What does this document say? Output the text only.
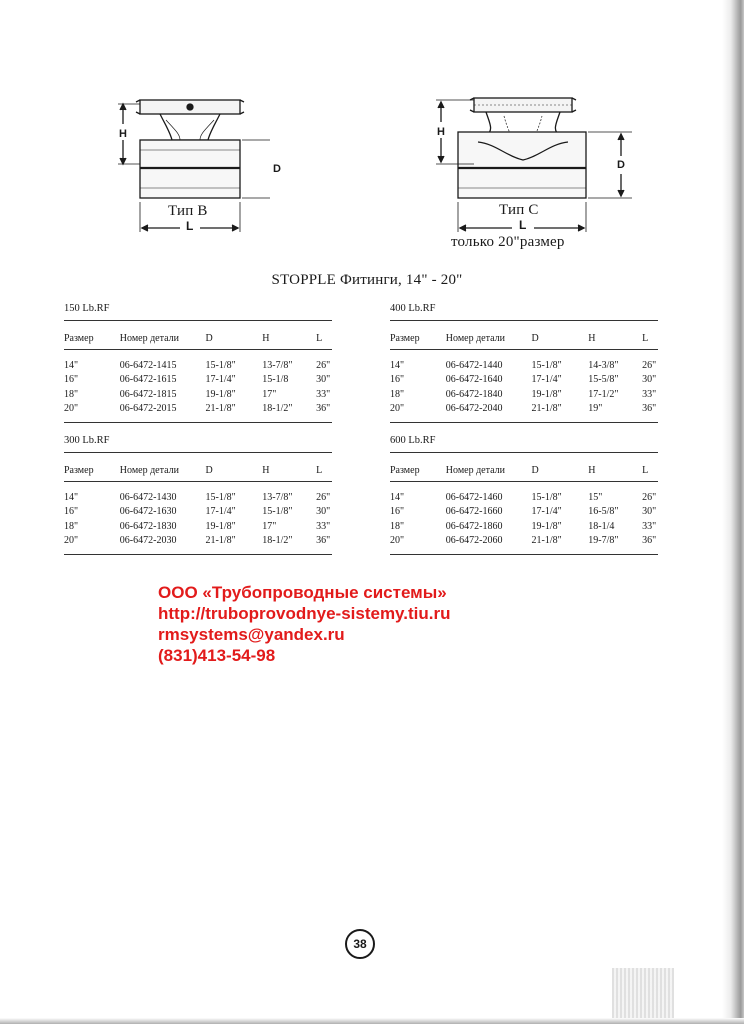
H
D
Тип B
L
H
D
Тип C
L
только 20"размер
STOPPLE Фитинги, 14" - 20"
150 Lb.RF
Размер	Номер детали	D	H	L
14"	06-6472-1415	15-1/8"	13-7/8"	26"
16"	06-6472-1615	17-1/4"	15-1/8	30"
18"	06-6472-1815	19-1/8"	17"	33"
20"	06-6472-2015	21-1/8"	18-1/2"	36"
300 Lb.RF
Размер	Номер детали	D	H	L
14"	06-6472-1430	15-1/8"	13-7/8"	26"
16"	06-6472-1630	17-1/4"	15-1/8"	30"
18"	06-6472-1830	19-1/8"	17"	33"
20"	06-6472-2030	21-1/8"	18-1/2"	36"
400 Lb.RF
Размер	Номер детали	D	H	L
14"	06-6472-1440	15-1/8"	14-3/8"	26"
16"	06-6472-1640	17-1/4"	15-5/8"	30"
18"	06-6472-1840	19-1/8"	17-1/2"	33"
20"	06-6472-2040	21-1/8"	19"	36"
600 Lb.RF
Размер	Номер детали	D	H	L
14"	06-6472-1460	15-1/8"	15"	26"
16"	06-6472-1660	17-1/4"	16-5/8"	30"
18"	06-6472-1860	19-1/8"	18-1/4	33"
20"	06-6472-2060	21-1/8"	19-7/8"	36"
ООО «Трубопроводные системы»
http://truboprovodnye-sistemy.tiu.ru
rmsystems@yandex.ru
(831)413-54-98
38
